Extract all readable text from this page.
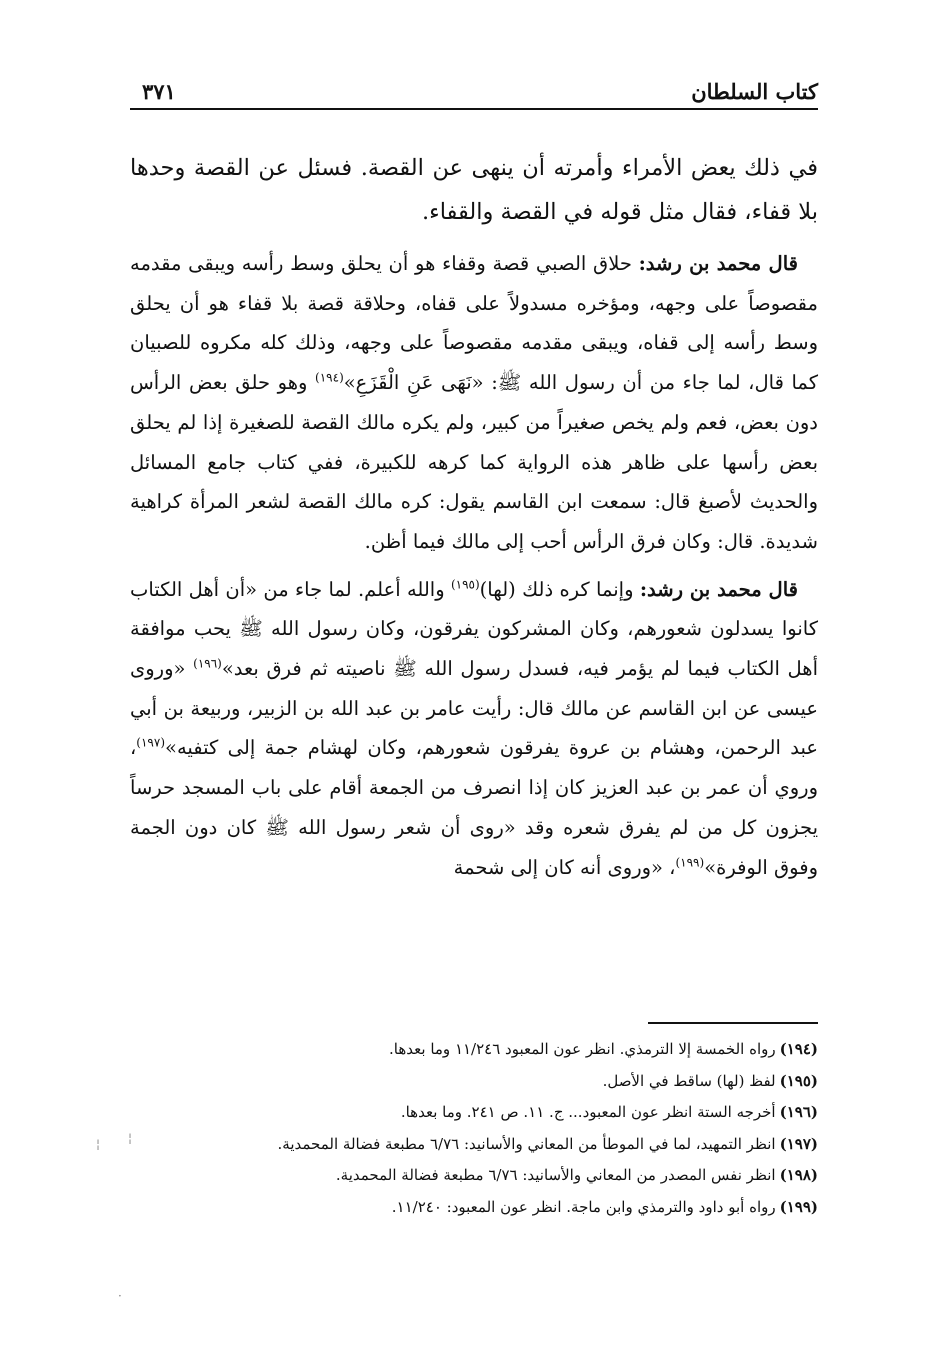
كتاب السلطان
٣٧١

في ذلك يعض الأمراء وأمرته أن ينهى عن القصة. فسئل عن القصة وحدها بلا قفاء، فقال مثل قوله في القصة والقفاء.

قال محمد بن رشد: حلاق الصبي قصة وقفاء هو أن يحلق وسط رأسه ويبقى مقدمه مقصوصاً على وجهه، ومؤخره مسدولاً على قفاه، وحلاقة قصة بلا قفاء هو أن يحلق وسط رأسه إلى قفاه، ويبقى مقدمه مقصوصاً على وجهه، وذلك كله مكروه للصبيان كما قال، لما جاء من أن رسول الله ﷺ: «نَهَى عَنِ الْقَزَعِ»$^{(١٩٤)}$ وهو حلق بعض الرأس دون بعض، فعم ولم يخص صغيراً من كبير، ولم يكره مالك القصة للصغيرة إذا لم يحلق بعض رأسها على ظاهر هذه الرواية كما كرهه للكبيرة، ففي كتاب جامع المسائل والحديث لأصبغ قال: سمعت ابن القاسم يقول: كره مالك القصة لشعر المرأة كراهية شديدة. قال: وكان فرق الرأس أحب إلى مالك فيما أظن.

قال محمد بن رشد: وإنما كره ذلك (لها)$^{(١٩٥)}$ والله أعلم. لما جاء من «أن أهل الكتاب كانوا يسدلون شعورهم، وكان المشركون يفرقون، وكان رسول الله ﷺ يحب موافقة أهل الكتاب فيما لم يؤمر فيه، فسدل رسول الله ﷺ ناصيته ثم فرق بعد»$^{(١٩٦)}$ «وروى عيسى عن ابن القاسم عن مالك قال: رأيت عامر بن عبد الله بن الزبير، وربيعة بن أبي عبد الرحمن، وهشام بن عروة يفرقون شعورهم، وكان لهشام جمة إلى كتفيه»$^{(١٩٧)}$، وروي أن عمر بن عبد العزيز كان إذا انصرف من الجمعة أقام على باب المسجد حرساً يجزون كل من لم يفرق شعره وقد «روى أن شعر رسول الله ﷺ كان دون الجمة وفوق الوفرة»$^{(١٩٩)}$، «وروى أنه كان إلى شحمة

(١٩٤)رواه الخمسة إلا الترمذي. انظر عون المعبود ١١/٢٤٦ وما بعدها.
(١٩٥)لفظ (لها) ساقط في الأصل.
(١٩٦)أخرجه الستة انظر عون المعبود... ج. ١١. ص ٢٤١. وما بعدها.
(١٩٧)انظر التمهيد، لما في الموطأ من المعاني والأسانيد: ٦/٧٦ مطبعة فضالة المحمدية.
(١٩٨)انظر نفس المصدر من المعاني والأسانيد: ٦/٧٦ مطبعة فضالة المحمدية.
(١٩٩)رواه أبو داود والترمذي وابن ماجة. انظر عون المعبود: ١١/٢٤٠.
¦ ¦
·
